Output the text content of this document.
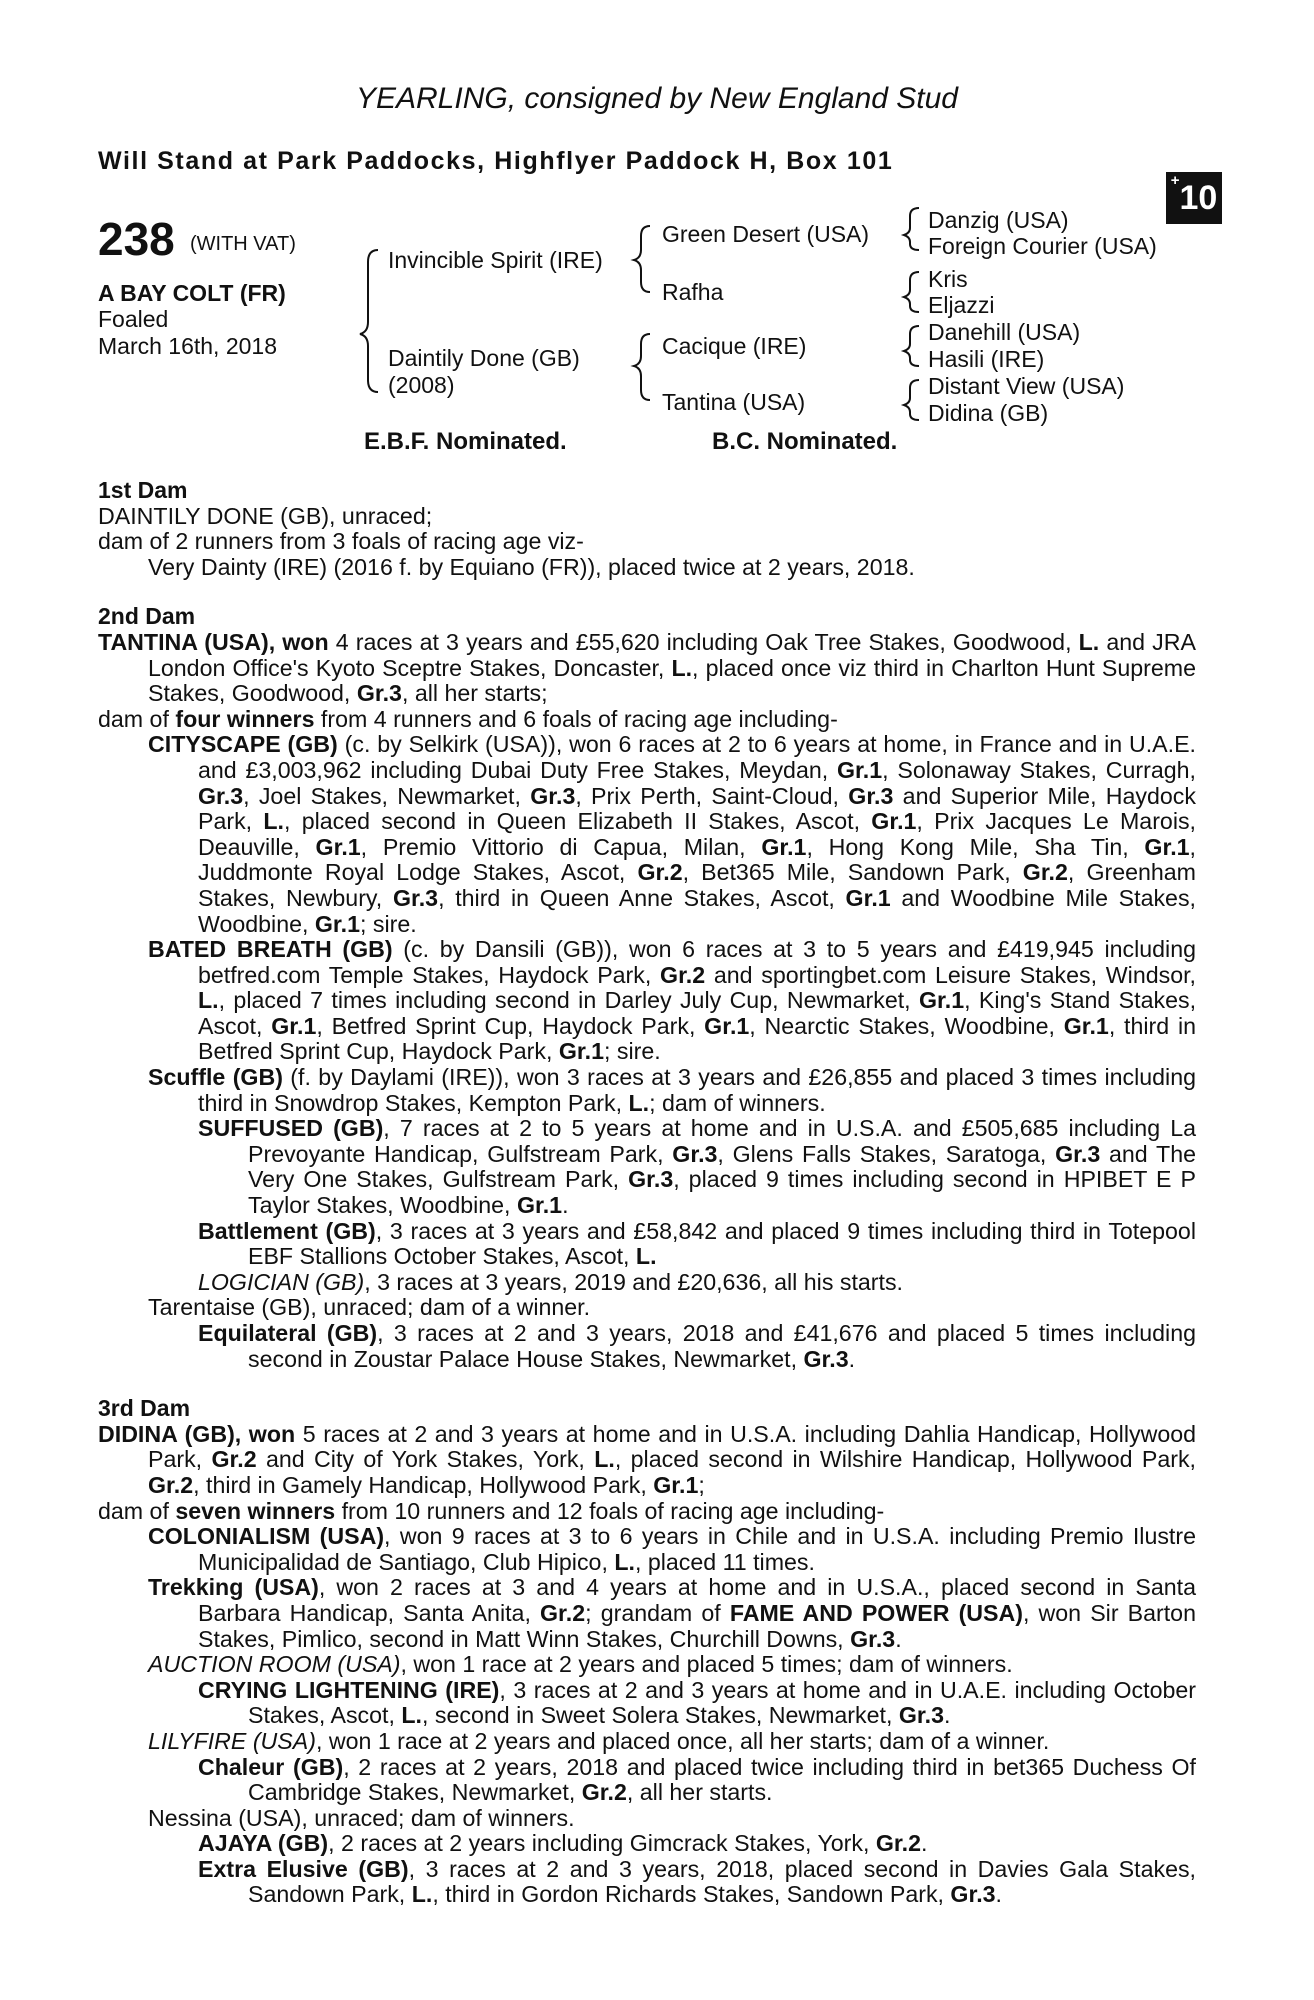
YEARLING, consigned by New England Stud
Will Stand at Park Paddocks, Highflyer Paddock H, Box 101
+10
238 (WITH VAT)
A BAY COLT (FR)
Foaled
March 16th, 2018
Invincible Spirit (IRE)
Daintily Done (GB)
(2008)
Green Desert (USA)
Rafha
Cacique (IRE)
Tantina (USA)
Danzig (USA)
Foreign Courier (USA)
Kris
Eljazzi
Danehill (USA)
Hasili (IRE)
Distant View (USA)
Didina (GB)
E.B.F. Nominated.	B.C. Nominated.

1st Dam

DAINTILY DONE (GB), unraced;

dam of 2 runners from 3 foals of racing age viz-

Very Dainty (IRE) (2016 f. by Equiano (FR)), placed twice at 2 years, 2018.

2nd Dam

TANTINA (USA), won 4 races at 3 years and £55,620 including Oak Tree Stakes, Goodwood, L. and JRA London Office's Kyoto Sceptre Stakes, Doncaster, L., placed once viz third in Charlton Hunt Supreme Stakes, Goodwood, Gr.3, all her starts;

dam of four winners from 4 runners and 6 foals of racing age including-

CITYSCAPE (GB) (c. by Selkirk (USA)), won 6 races at 2 to 6 years at home, in France and in U.A.E. and £3,003,962 including Dubai Duty Free Stakes, Meydan, Gr.1, Solonaway Stakes, Curragh, Gr.3, Joel Stakes, Newmarket, Gr.3, Prix Perth, Saint-Cloud, Gr.3 and Superior Mile, Haydock Park, L., placed second in Queen Elizabeth II Stakes, Ascot, Gr.1, Prix Jacques Le Marois, Deauville, Gr.1, Premio Vittorio di Capua, Milan, Gr.1, Hong Kong Mile, Sha Tin, Gr.1, Juddmonte Royal Lodge Stakes, Ascot, Gr.2, Bet365 Mile, Sandown Park, Gr.2, Greenham Stakes, Newbury, Gr.3, third in Queen Anne Stakes, Ascot, Gr.1 and Woodbine Mile Stakes, Woodbine, Gr.1; sire.

BATED BREATH (GB) (c. by Dansili (GB)), won 6 races at 3 to 5 years and £419,945 including betfred.com Temple Stakes, Haydock Park, Gr.2 and sportingbet.com Leisure Stakes, Windsor, L., placed 7 times including second in Darley July Cup, Newmarket, Gr.1, King's Stand Stakes, Ascot, Gr.1, Betfred Sprint Cup, Haydock Park, Gr.1, Nearctic Stakes, Woodbine, Gr.1, third in Betfred Sprint Cup, Haydock Park, Gr.1; sire.

Scuffle (GB) (f. by Daylami (IRE)), won 3 races at 3 years and £26,855 and placed 3 times including third in Snowdrop Stakes, Kempton Park, L.; dam of winners.

SUFFUSED (GB), 7 races at 2 to 5 years at home and in U.S.A. and £505,685 including La Prevoyante Handicap, Gulfstream Park, Gr.3, Glens Falls Stakes, Saratoga, Gr.3 and The Very One Stakes, Gulfstream Park, Gr.3, placed 9 times including second in HPIBET E P Taylor Stakes, Woodbine, Gr.1.

Battlement (GB), 3 races at 3 years and £58,842 and placed 9 times including third in Totepool EBF Stallions October Stakes, Ascot, L.

LOGICIAN (GB), 3 races at 3 years, 2019 and £20,636, all his starts.

Tarentaise (GB), unraced; dam of a winner.

Equilateral (GB), 3 races at 2 and 3 years, 2018 and £41,676 and placed 5 times including second in Zoustar Palace House Stakes, Newmarket, Gr.3.

3rd Dam

DIDINA (GB), won 5 races at 2 and 3 years at home and in U.S.A. including Dahlia Handicap, Hollywood Park, Gr.2 and City of York Stakes, York, L., placed second in Wilshire Handicap, Hollywood Park, Gr.2, third in Gamely Handicap, Hollywood Park, Gr.1;

dam of seven winners from 10 runners and 12 foals of racing age including-

COLONIALISM (USA), won 9 races at 3 to 6 years in Chile and in U.S.A. including Premio Ilustre Municipalidad de Santiago, Club Hipico, L., placed 11 times.

Trekking (USA), won 2 races at 3 and 4 years at home and in U.S.A., placed second in Santa Barbara Handicap, Santa Anita, Gr.2; grandam of FAME AND POWER (USA), won Sir Barton Stakes, Pimlico, second in Matt Winn Stakes, Churchill Downs, Gr.3.

AUCTION ROOM (USA), won 1 race at 2 years and placed 5 times; dam of winners.

CRYING LIGHTENING (IRE), 3 races at 2 and 3 years at home and in U.A.E. including October Stakes, Ascot, L., second in Sweet Solera Stakes, Newmarket, Gr.3.

LILYFIRE (USA), won 1 race at 2 years and placed once, all her starts; dam of a winner.

Chaleur (GB), 2 races at 2 years, 2018 and placed twice including third in bet365 Duchess Of Cambridge Stakes, Newmarket, Gr.2, all her starts.

Nessina (USA), unraced; dam of winners.

AJAYA (GB), 2 races at 2 years including Gimcrack Stakes, York, Gr.2.

Extra Elusive (GB), 3 races at 2 and 3 years, 2018, placed second in Davies Gala Stakes, Sandown Park, L., third in Gordon Richards Stakes, Sandown Park, Gr.3.
